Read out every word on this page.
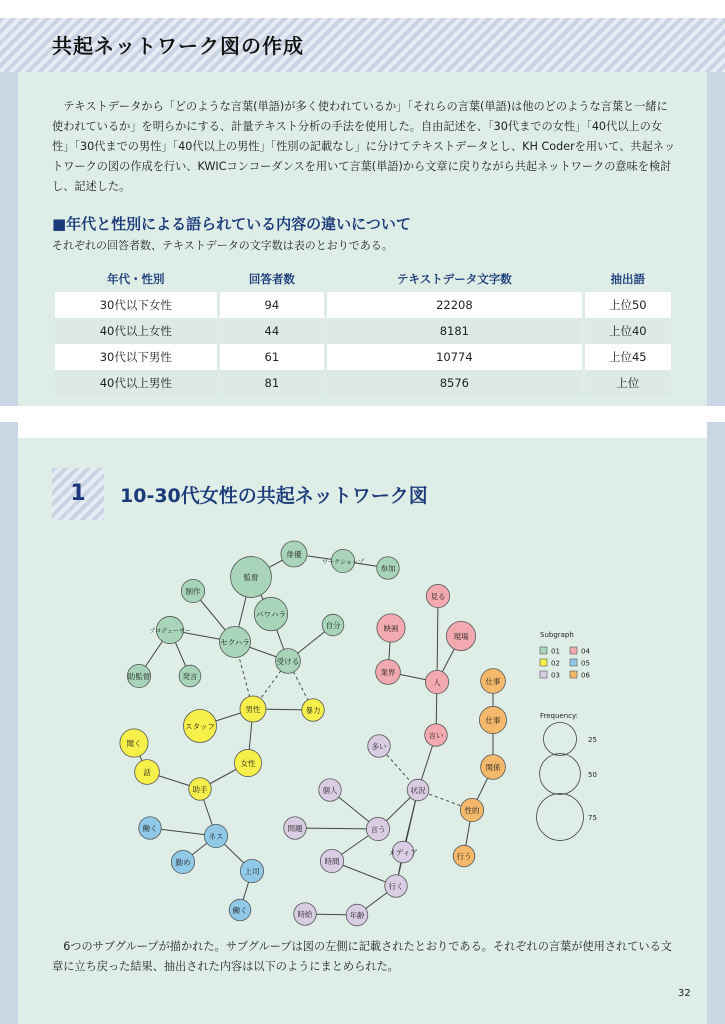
共起ネットワーク図の作成

テキストデータから「どのような言葉(単語)が多く使われているか」「それらの言葉(単語)は他のどのような言葉と一緒に使われているか」を明らかにする、計量テキスト分析の手法を使用した。自由記述を、「30代までの女性」「40代以上の女性」「30代までの男性」「40代以上の男性」「性別の記載なし」に分けてテキストデータとし、KH Coderを用いて、共起ネットワークの図の作成を行い、KWICコンコーダンスを用いて言葉(単語)から文章に戻りながら共起ネットワークの意味を検討し、記述した。

■年代と性別による語られている内容の違いについて
それぞれの回答者数、テキストデータの文字数は表のとおりである。
年代・性別	回答者数	テキストデータ文字数	抽出語
30代以下女性	94	22208	上位50
40代以上女性	44	8181	上位40
30代以下男性	61	10774	上位45
40代以上男性	81	8576	上位
1	10-30代女性の共起ネットワーク図
監督
俳優
ワークショップ
参加
制作
パワハラ
自分
プロデューサー
セクハラ
受ける
助監督	発言
男性	暴力
スタッフ
聞く
女性
話
助手
見る
映画
現場
業界
人
言い
仕事
仕事
関係
性的
行う
多い
状況
個人
問題	言う
メディア
時間
行く
時給	年齢
働く
ネス
勤め
上司
働く
Subgraph
01	04
02	05
03	06
Frequency:
25
50
75

6つのサブグループが描かれた。サブグループは図の左側に記載されたとおりである。それぞれの言葉が使用されている文章に立ち戻った結果、抽出された内容は以下のようにまとめられた。

32
